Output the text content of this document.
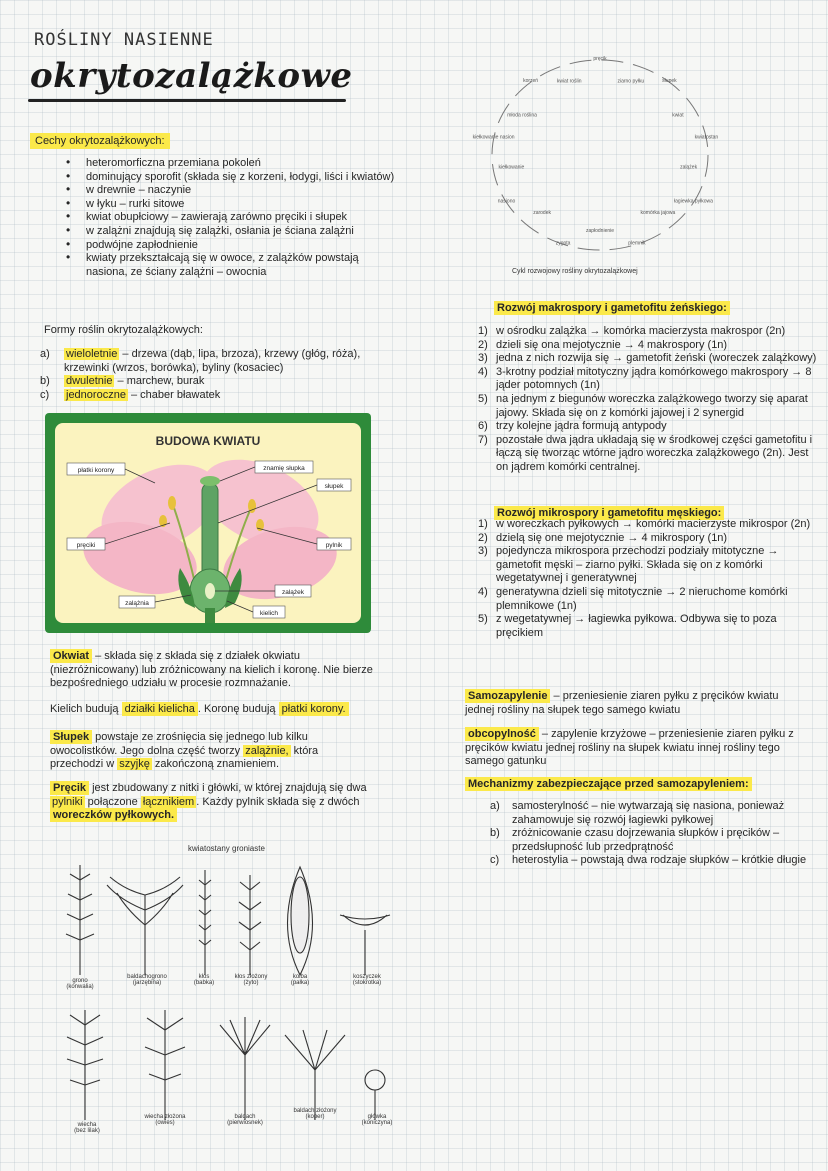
ROŚLINY NASIENNE
okrytozalążkowe
Cechy okrytozalążkowych:
• heteromorficzna przemiana pokoleń
• dominujący sporofit (składa się z korzeni, łodygi, liści i kwiatów)
• w drewnie – naczynie
• w łyku – rurki sitowe
• kwiat obupłciowy – zawierają zarówno pręciki i słupek
• w zalążni znajdują się zalążki, osłania je ściana zalążni
• podwójne zapłodnienie
• kwiaty przekształcają się w owoce, z zalążków powstają nasiona, ze ściany zalążni – owocnia
Formy roślin okrytozalążkowych:
a) wieloletnie – drzewa (dąb, lipa, brzoza), krzewy (głóg, róża), krzewinki (wrzos, borówka), byliny (kosaciec)
b) dwuletnie – marchew, burak
c) jednoroczne – chaber bławatek
BUDOWA KWIATU
płatki korony	znamię słupka
słupek
pręciki	pylnik
zalążek
zalążnia
kielich
Okwiat – składa się z składa się z działek okwiatu (niezróżnicowany) lub zróżnicowany na kielich i koronę. Nie bierze bezpośredniego udziału w procesie rozmnażanie.
Kielich budują działki kielicha . Koronę budują płatki korony.
Słupek powstaje ze zrośnięcia się jednego lub kilku owocolistków. Jego dolna część tworzy zalążnie, która przechodzi w szyjkę zakończoną znamieniem.
Pręcik jest zbudowany z nitki i główki, w której znajdują się dwa pylniki połączone łącznikiem . Każdy pylnik składa się z dwóch woreczków pyłkowych.
kwiatostany groniaste
grono
(konwalia)
baldachogrono
(jarzębina)
kłos
(babka)
kłos złożony
(żyto)
kolba
(pałka)
koszyczek
(stokrotka)
wiecha
(bez lilak)
wiecha złożona
(owies)
baldach
(pierwiosnek)
baldach złożony
(koper)	główka
(koniczyna)
pręcik
ziarno pyłku	słupek
kwiat
kwiatostan
zalążek
łagiewka pyłkowa
komórka jajowa
plemnik
zapłodnienie
zygota
zarodek
nasiono
kiełkowanie
kiełkowanie nasion
młoda roślina
korzeń	kwiat roślin
Cykl rozwojowy rośliny okrytozalążkowej
Rozwój makrospory i gametofitu żeńskiego:
1) w ośrodku zalążka → komórka macierzysta makrospor (2n)
2) dzieli się ona mejotycznie → 4 makrospory (1n)
3) jedna z nich rozwija się → gametofit żeński (woreczek zalążkowy)
4) 3-krotny podział mitotyczny jądra komórkowego makrospory → 8 jąder potomnych (1n)
5) na jednym z biegunów woreczka zalążkowego tworzy się aparat jajowy. Składa się on z komórki jajowej i 2 synergid
6) trzy kolejne jądra formują antypody
7) pozostałe dwa jądra układają się w środkowej części gametofitu i łączą się tworząc wtórne jądro woreczka zalążkowego (2n). Jest on jądrem komórki centralnej.
Rozwój mikrospory i gametofitu męskiego:
1) w woreczkach pyłkowych → komórki macierzyste mikrospor (2n)
2) dzielą się one mejotycznie → 4 mikrospory (1n)
3) pojedyncza mikrospora przechodzi podziały mitotyczne → gametofit męski – ziarno pyłki. Składa się on z komórki wegetatywnej i generatywnej
4) generatywna dzieli się mitotycznie → 2 nieruchome komórki plemnikowe (1n)
5) z wegetatywnej → łagiewka pyłkowa. Odbywa się to poza pręcikiem
Samozapylenie – przeniesienie ziaren pyłku z pręcików kwiatu jednej rośliny na słupek tego samego kwiatu
obcopylność – zapylenie krzyżowe – przeniesienie ziaren pyłku z pręcików kwiatu jednej rośliny na słupek kwiatu innej rośliny tego samego gatunku
Mechanizmy zabezpieczające przed samozapyleniem:
a) samosterylność – nie wytwarzają się nasiona, ponieważ zahamowuje się rozwój łagiewki pyłkowej
b) zróżnicowanie czasu dojrzewania słupków i pręcików – przedsłupność lub przedprątność
c) heterostylia – powstają dwa rodzaje słupków – krótkie długie
